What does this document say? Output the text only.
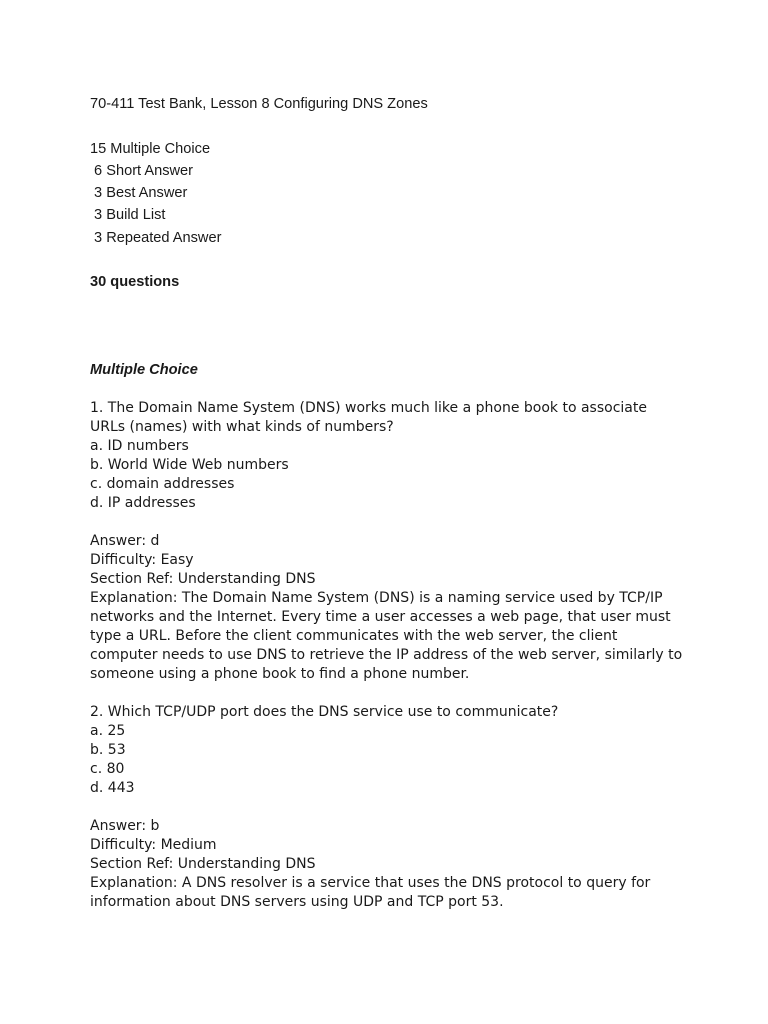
70-411 Test Bank, Lesson 8 Configuring DNS Zones

15 Multiple Choice

6 Short Answer

3 Best Answer

3 Build List

3 Repeated Answer

30 questions

Multiple Choice

1. The Domain Name System (DNS) works much like a phone book to associate

URLs (names) with what kinds of numbers?

a. ID numbers

b. World Wide Web numbers

c. domain addresses

d. IP addresses

Answer: d

Difficulty: Easy

Section Ref: Understanding DNS

Explanation: The Domain Name System (DNS) is a naming service used by TCP/IP

networks and the Internet. Every time a user accesses a web page, that user must

type a URL. Before the client communicates with the web server, the client

computer needs to use DNS to retrieve the IP address of the web server, similarly to

someone using a phone book to find a phone number.

2. Which TCP/UDP port does the DNS service use to communicate?

a. 25

b. 53

c. 80

d. 443

Answer: b

Difficulty: Medium

Section Ref: Understanding DNS

Explanation: A DNS resolver is a service that uses the DNS protocol to query for

information about DNS servers using UDP and TCP port 53.
